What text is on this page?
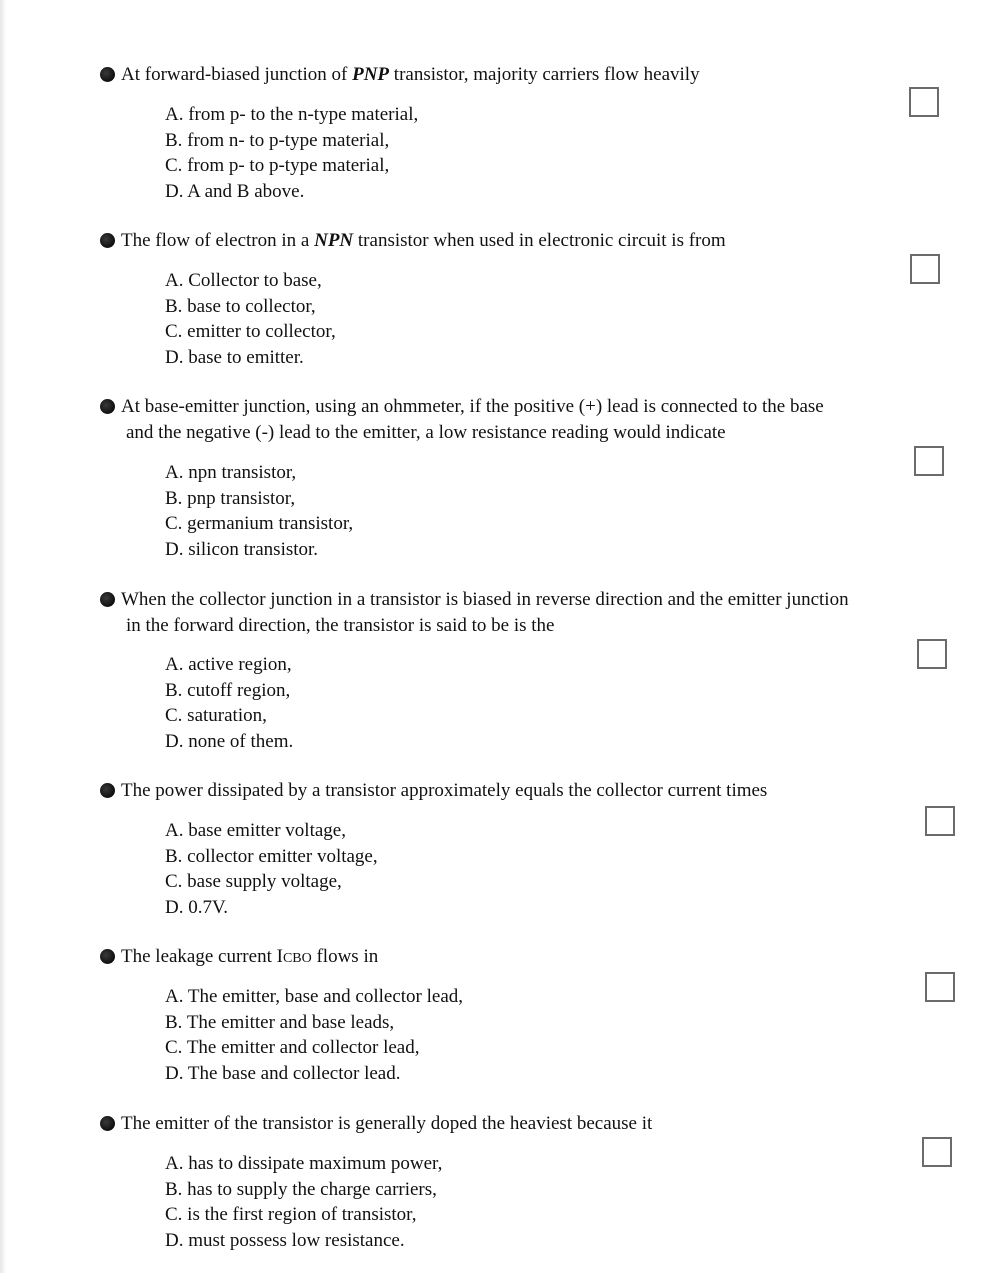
At forward-biased junction of PNP transistor, majority carriers flow heavily
A. from p- to the n-type material,
B. from n- to p-type material,
C. from p- to p-type material,
D. A and B above.
The flow of electron in a NPN transistor when used in electronic circuit is from
A. Collector to base,
B. base to collector,
C. emitter to collector,
D. base to emitter.
At base-emitter junction, using an ohmmeter, if the positive (+) lead is connected to the base
and the negative (-) lead to the emitter, a low resistance reading would indicate
A. npn transistor,
B. pnp transistor,
C. germanium transistor,
D. silicon transistor.
When the collector junction in a transistor is biased in reverse direction and the emitter junction
in the forward direction, the transistor is said to be is the
A. active region,
B. cutoff region,
C. saturation,
D. none of them.
The power dissipated by a transistor approximately equals the collector current times
A. base emitter voltage,
B. collector emitter voltage,
C. base supply voltage,
D. 0.7V.
The leakage current ICBO flows in
A. The emitter, base and collector lead,
B. The emitter and base leads,
C. The emitter and collector lead,
D. The base and collector lead.
The emitter of the transistor is generally doped the heaviest because it
A. has to dissipate maximum power,
B. has to supply the charge carriers,
C. is the first region of transistor,
D. must possess low resistance.
